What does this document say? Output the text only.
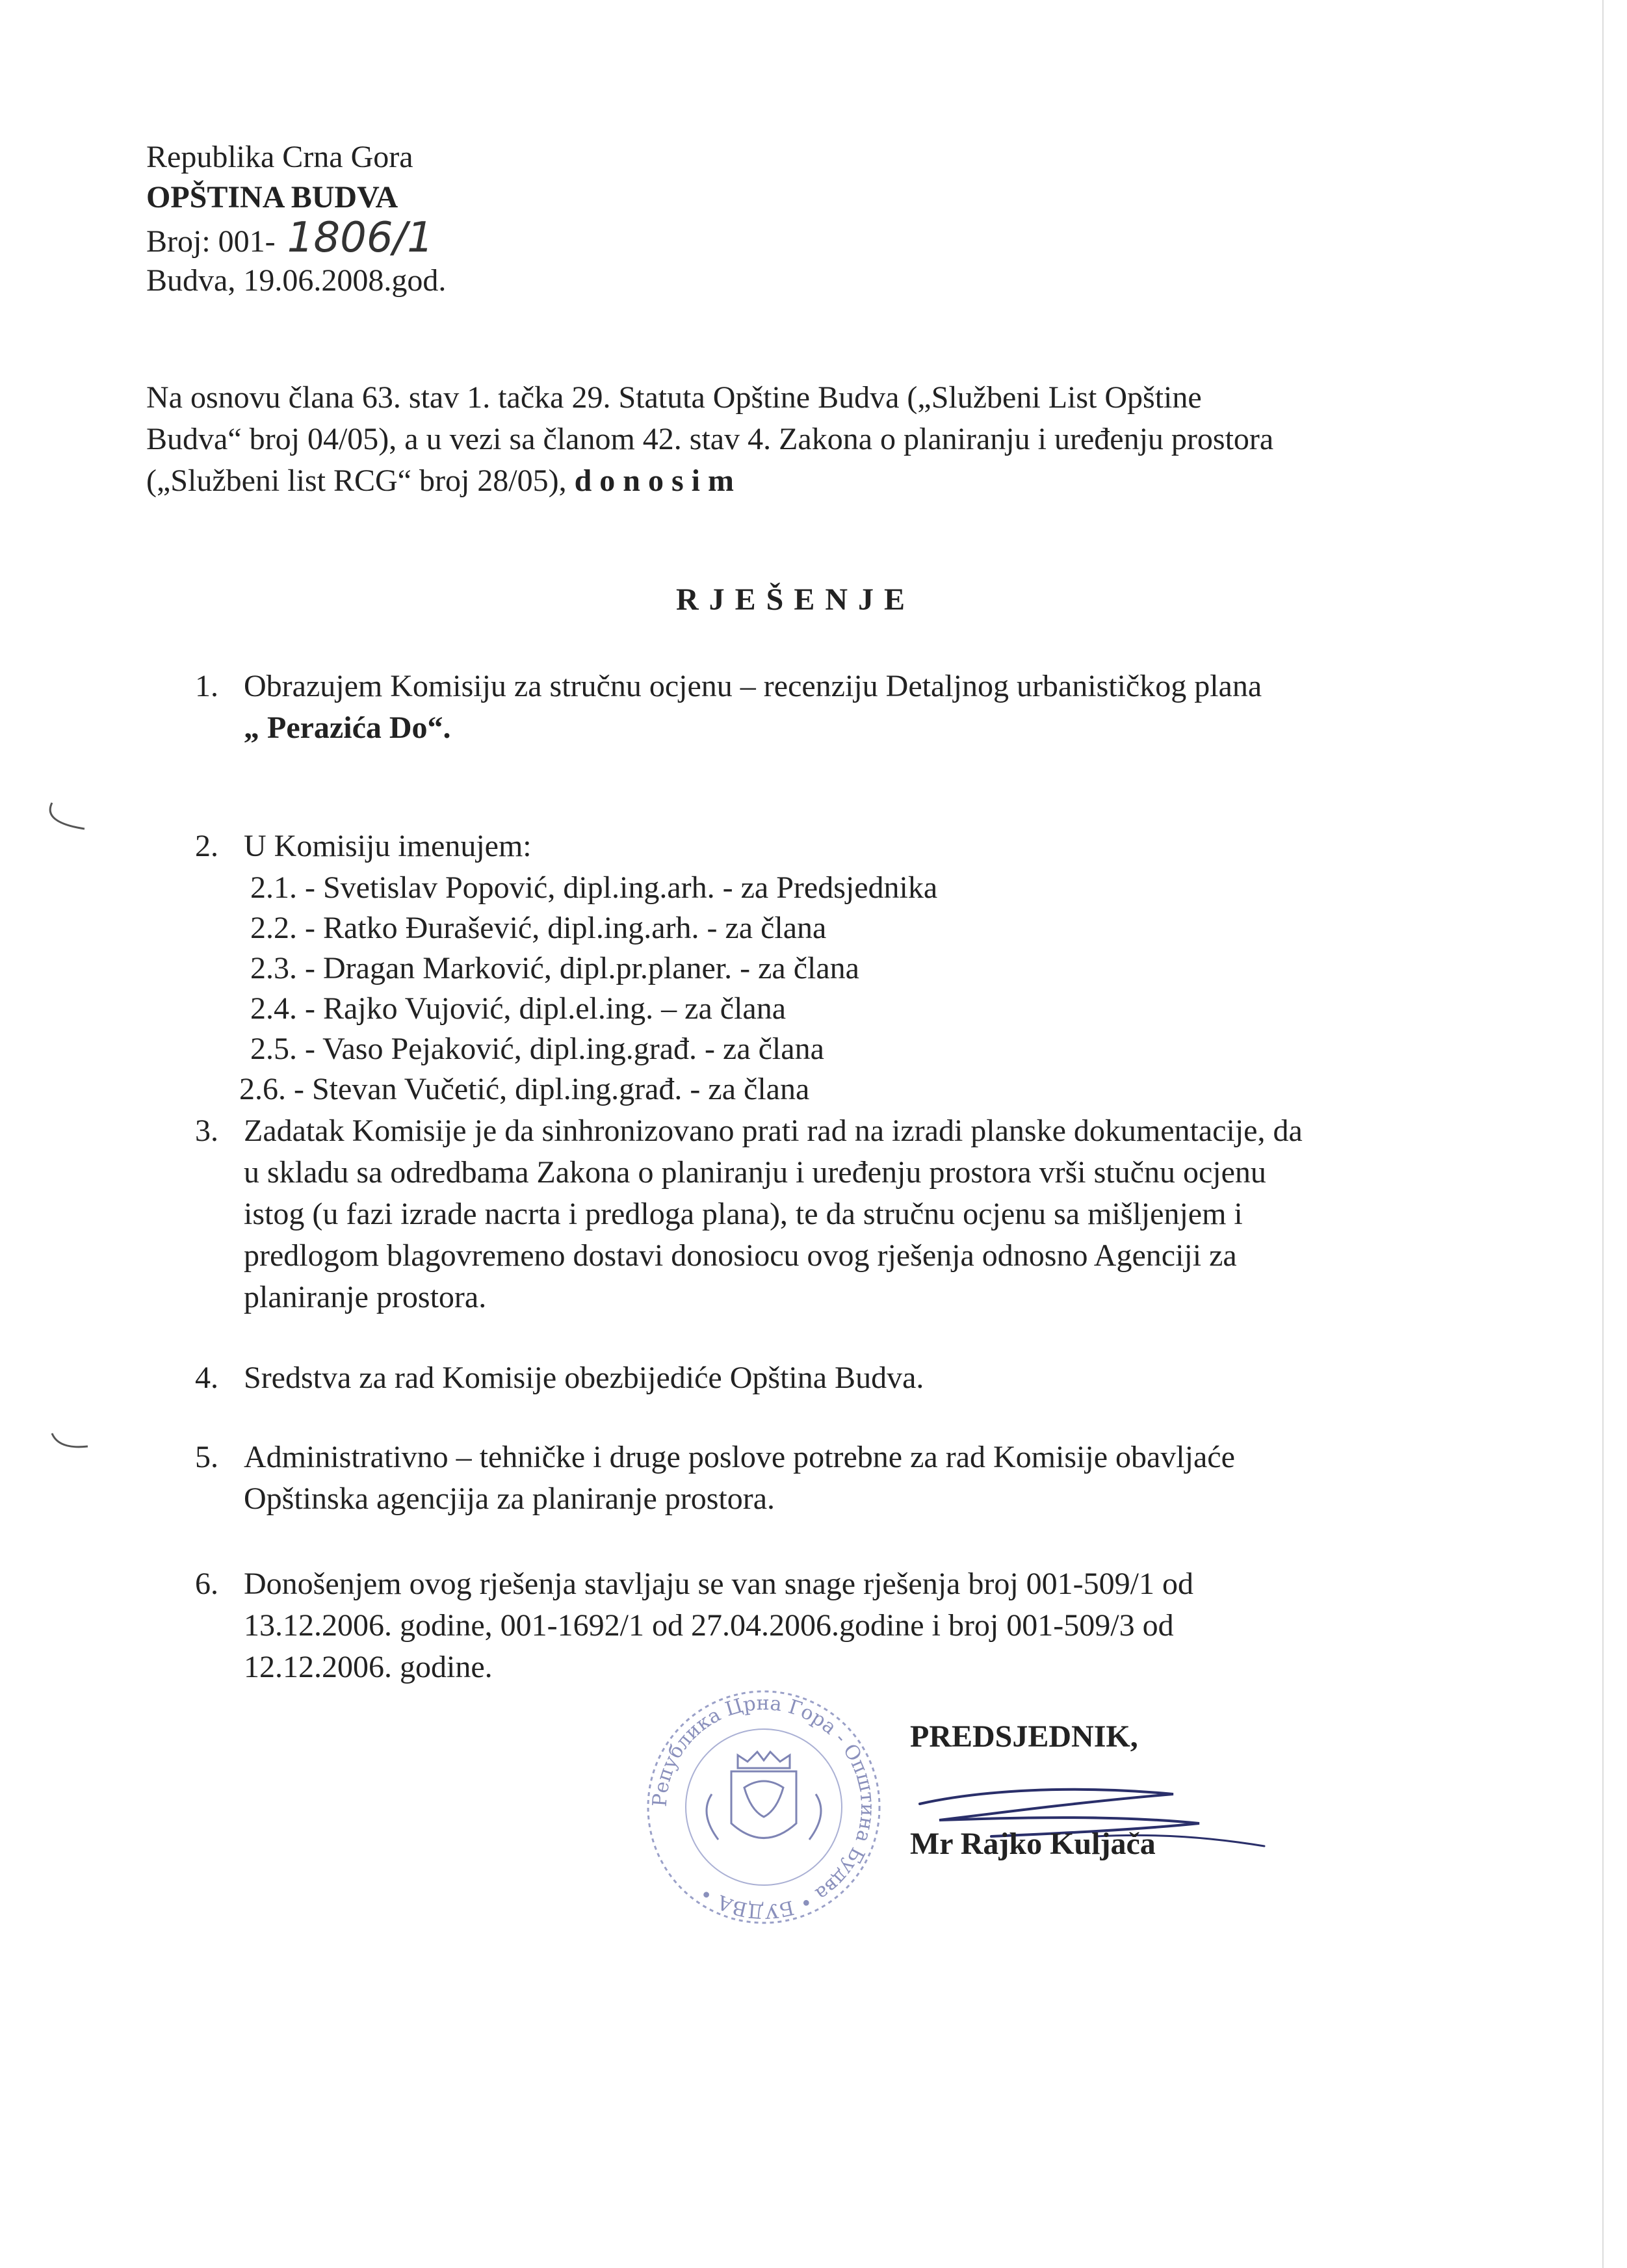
Republika Crna Gora
OPŠTINA BUDVA
Broj: 001- 1806/1
Budva, 19.06.2008.god.
Na osnovu člana 63. stav 1. tačka 29. Statuta Opštine Budva („Službeni List Opštine
Budva“ broj 04/05), a u vezi sa članom 42. stav 4. Zakona o planiranju i uređenju prostora
(„Službeni list RCG“ broj 28/05), donosim
RJEŠENJE
1. Obrazujem Komisiju za stručnu ocjenu – recenziju Detaljnog urbanističkog plana
„ Perazića Do“.
2. U Komisiju imenujem:
2.1. - Svetislav Popović, dipl.ing.arh. - za Predsjednika
2.2. - Ratko Đurašević, dipl.ing.arh. - za člana
2.3. - Dragan Marković, dipl.pr.planer. - za člana
2.4. - Rajko Vujović, dipl.el.ing. – za člana
2.5. - Vaso Pejaković, dipl.ing.građ. - za člana
2.6. - Stevan Vučetić, dipl.ing.građ. - za člana
3. Zadatak Komisije je da sinhronizovano prati rad na izradi planske dokumentacije, da
u skladu sa odredbama Zakona o planiranju i uređenju prostora vrši stučnu ocjenu
istog (u fazi izrade nacrta i predloga plana), te da stručnu ocjenu sa mišljenjem i
predlogom blagovremeno dostavi donosiocu ovog rješenja odnosno Agenciji za
planiranje prostora.
4. Sredstva za rad Komisije obezbijediće Opština Budva.
5. Administrativno – tehničke i druge poslove potrebne za rad Komisije obavljaće
Opštinska agencjija za planiranje prostora.
6. Donošenjem ovog rješenja stavljaju se van snage rješenja broj 001-509/1 od
13.12.2006. godine, 001-1692/1 od 27.04.2006.godine i broj 001-509/3 od
12.12.2006. godine.
Република Црна Гора - Општина Будва • БУДВА •
PREDSJEDNIK,
Mr Rajko Kuljača
